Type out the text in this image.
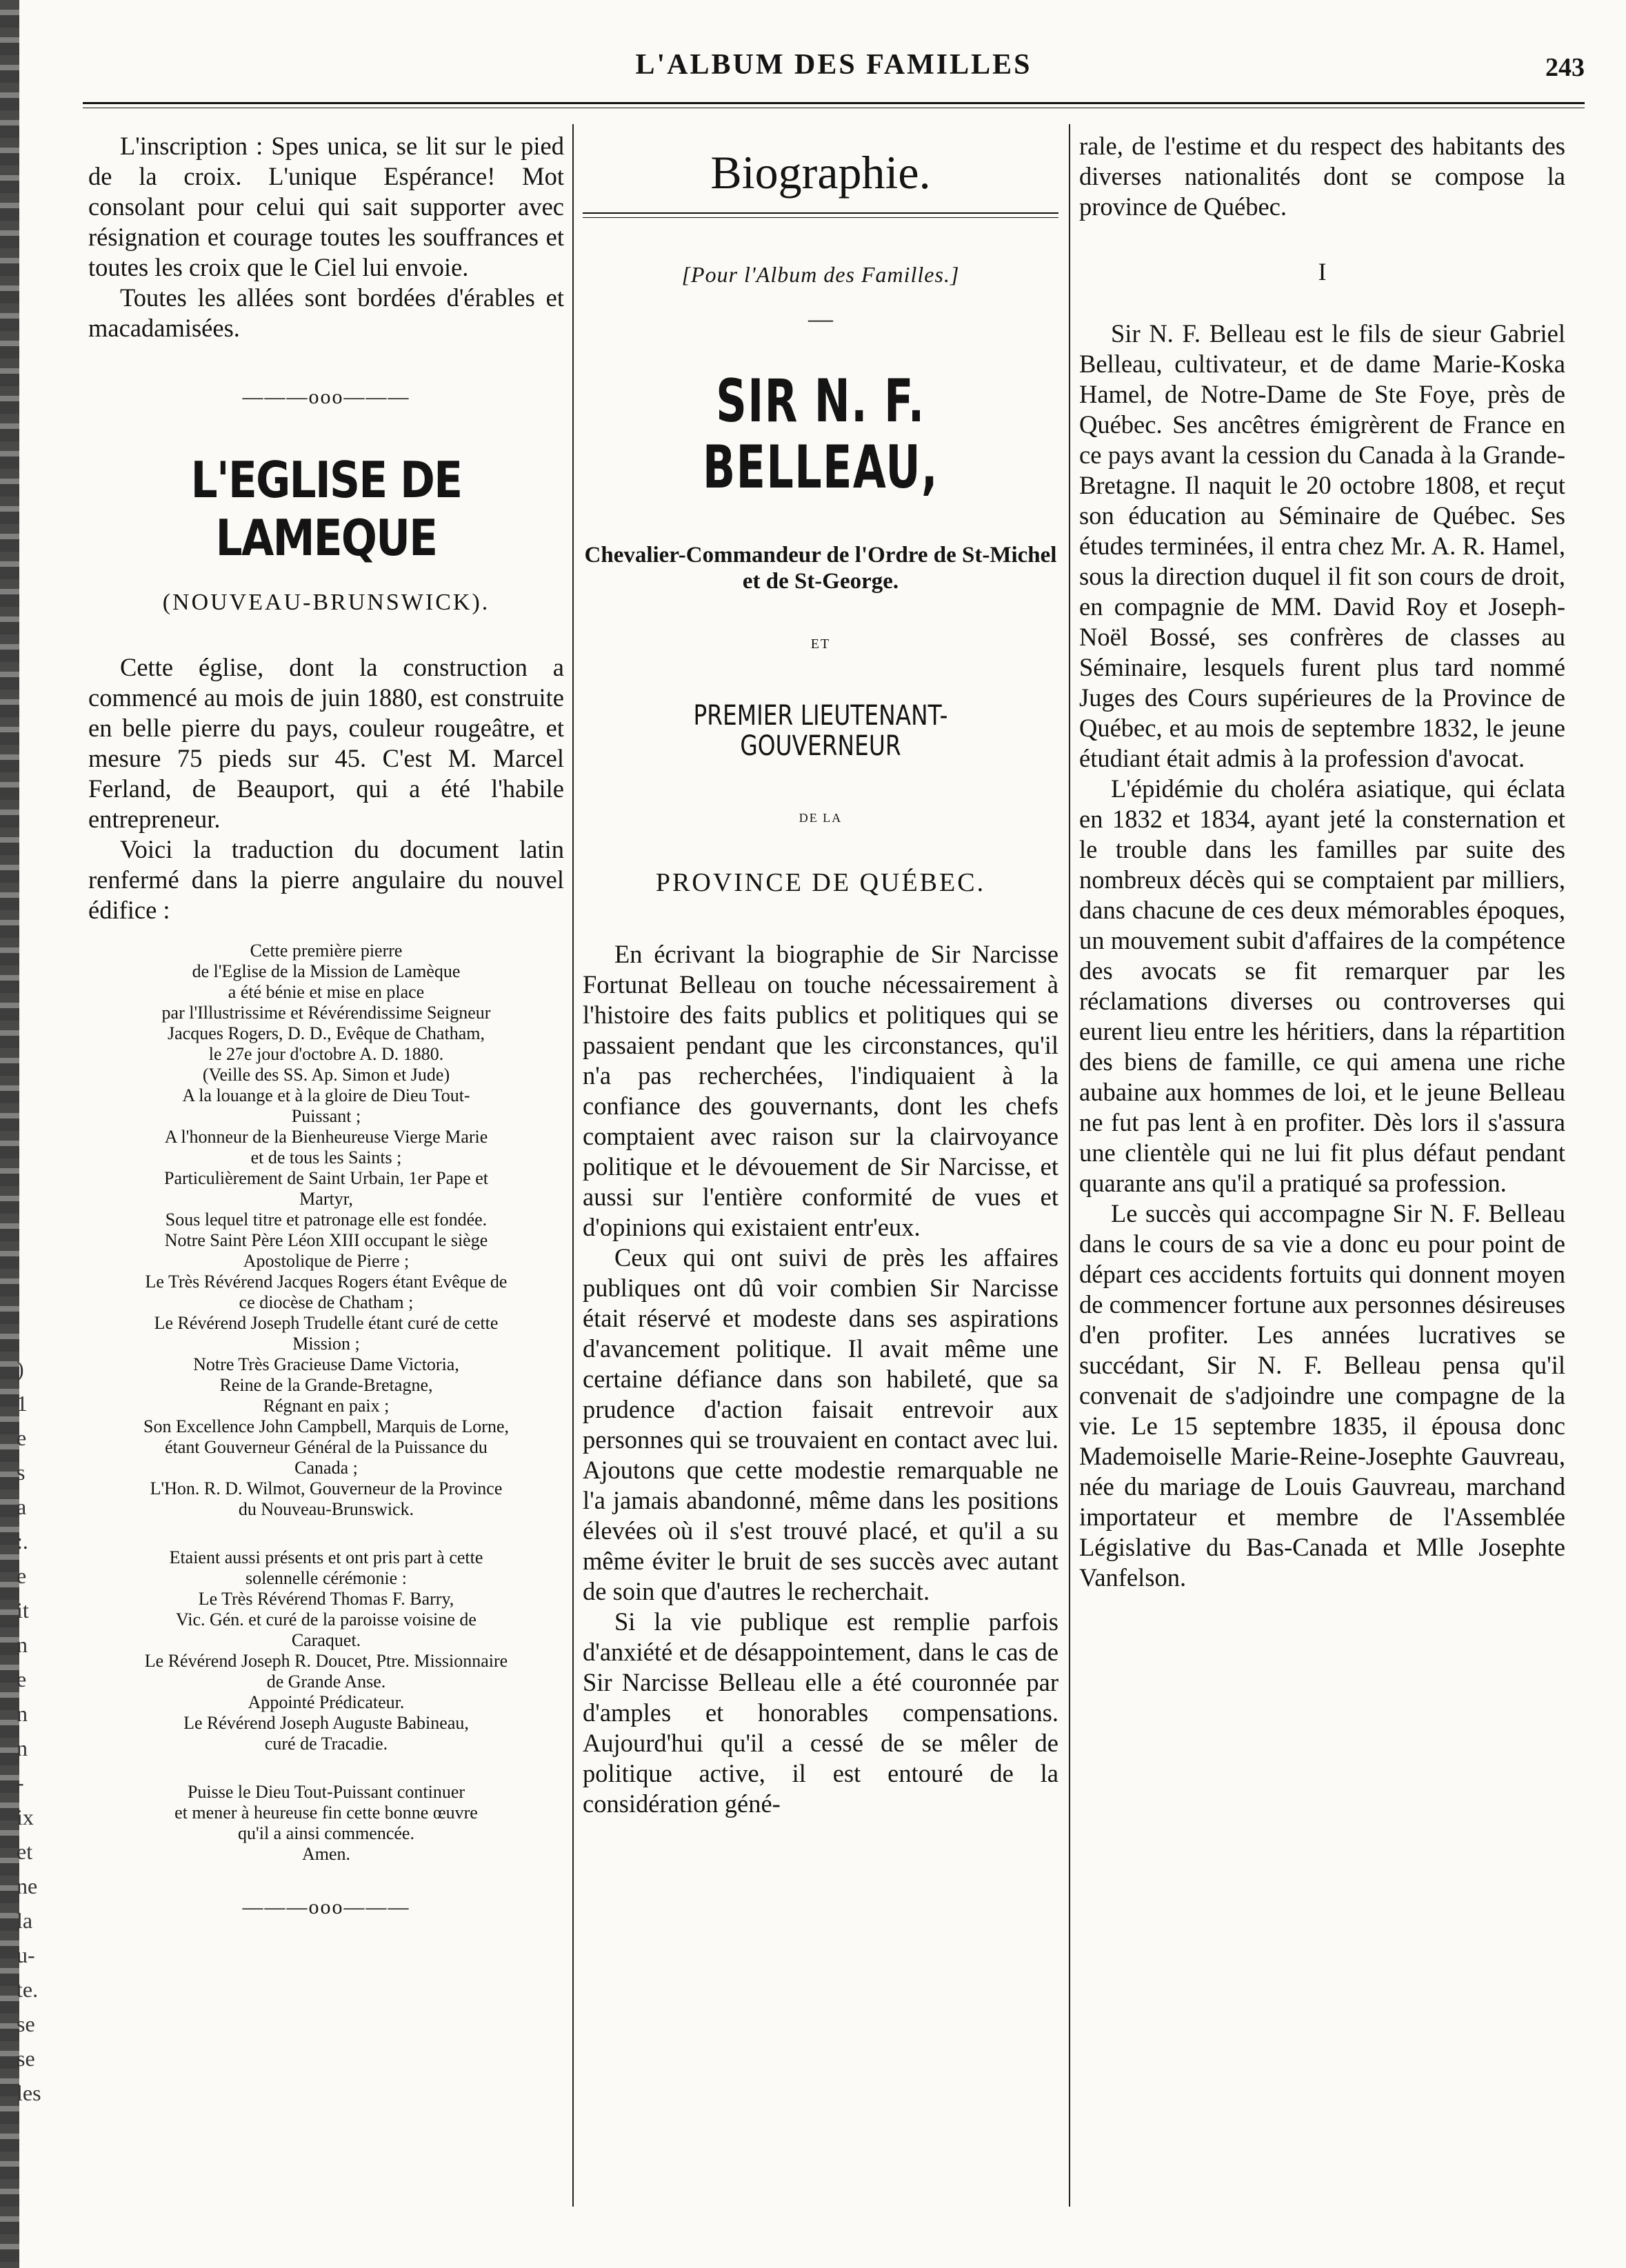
)
1
e
s
a
:.
e
it
n
e
n
n
-
ix
et
ne
la
u-
te.
se
se
les
L'ALBUM DES FAMILLES	243

L'inscription : Spes unica, se lit sur le pied de la croix. L'unique Espérance! Mot consolant pour celui qui sait supporter avec résignation et courage toutes les souffrances et toutes les croix que le Ciel lui envoie.

Toutes les allées sont bordées d'érables et macadamisées.

———ooo———
L'EGLISE DE LAMEQUE
(NOUVEAU-BRUNSWICK).

Cette église, dont la construction a commencé au mois de juin 1880, est construite en belle pierre du pays, couleur rougeâtre, et mesure 75 pieds sur 45. C'est M. Marcel Ferland, de Beauport, qui a été l'habile entrepreneur.

Voici la traduction du document latin renfermé dans la pierre angulaire du nouvel édifice :

Cette première pierre
de l'Eglise de la Mission de Lamèque
a été bénie et mise en place
par l'Illustrissime et Révérendissime Seigneur
Jacques Rogers, D. D., Evêque de Chatham,
le 27e jour d'octobre A. D. 1880.
(Veille des SS. Ap. Simon et Jude)
A la louange et à la gloire de Dieu Tout-
Puissant ;
A l'honneur de la Bienheureuse Vierge Marie
et de tous les Saints ;
Particulièrement de Saint Urbain, 1er Pape et
Martyr,
Sous lequel titre et patronage elle est fondée.
Notre Saint Père Léon XIII occupant le siège
Apostolique de Pierre ;
Le Très Révérend Jacques Rogers étant Evêque de
ce diocèse de Chatham ;
Le Révérend Joseph Trudelle étant curé de cette
Mission ;
Notre Très Gracieuse Dame Victoria,
Reine de la Grande-Bretagne,
Régnant en paix ;
Son Excellence John Campbell, Marquis de Lorne,
étant Gouverneur Général de la Puissance du
Canada ;
L'Hon. R. D. Wilmot, Gouverneur de la Province
du Nouveau-Brunswick.
Etaient aussi présents et ont pris part à cette
solennelle cérémonie :
Le Très Révérend Thomas F. Barry,
Vic. Gén. et curé de la paroisse voisine de
Caraquet.
Le Révérend Joseph R. Doucet, Ptre. Missionnaire
de Grande Anse.
Appointé Prédicateur.
Le Révérend Joseph Auguste Babineau,
curé de Tracadie.
Puisse le Dieu Tout-Puissant continuer
et mener à heureuse fin cette bonne œuvre
qu'il a ainsi commencée.
Amen.
———ooo———
Biographie.
[Pour l'Album des Familles.]
—
SIR N. F. BELLEAU,
Chevalier-Commandeur de l'Ordre de St-Michel et de St-George.
ET
PREMIER LIEUTENANT-GOUVERNEUR
DE LA
PROVINCE DE QUÉBEC.

En écrivant la biographie de Sir Narcisse Fortunat Belleau on touche nécessairement à l'histoire des faits publics et politiques qui se passaient pendant que les circonstances, qu'il n'a pas recherchées, l'indiquaient à la confiance des gouvernants, dont les chefs comptaient avec raison sur la clairvoyance politique et le dévouement de Sir Narcisse, et aussi sur l'entière conformité de vues et d'opinions qui existaient entr'eux.

Ceux qui ont suivi de près les affaires publiques ont dû voir combien Sir Narcisse était réservé et modeste dans ses aspirations d'avancement politique. Il avait même une certaine défiance dans son habileté, que sa prudence d'action faisait entrevoir aux personnes qui se trouvaient en contact avec lui. Ajoutons que cette modestie remarquable ne l'a jamais abandonné, même dans les positions élevées où il s'est trouvé placé, et qu'il a su même éviter le bruit de ses succès avec autant de soin que d'autres le recherchait.

Si la vie publique est remplie parfois d'anxiété et de désappointement, dans le cas de Sir Narcisse Belleau elle a été couronnée par d'amples et honorables compensations. Aujourd'hui qu'il a cessé de se mêler de politique active, il est entouré de la considération géné-

rale, de l'estime et du respect des habitants des diverses nationalités dont se compose la province de Québec.

I

Sir N. F. Belleau est le fils de sieur Gabriel Belleau, cultivateur, et de dame Marie-Koska Hamel, de Notre-Dame de Ste Foye, près de Québec. Ses ancêtres émigrèrent de France en ce pays avant la cession du Canada à la Grande-Bretagne. Il naquit le 20 octobre 1808, et reçut son éducation au Séminaire de Québec. Ses études terminées, il entra chez Mr. A. R. Hamel, sous la direction duquel il fit son cours de droit, en compagnie de MM. David Roy et Joseph-Noël Bossé, ses confrères de classes au Séminaire, lesquels furent plus tard nommé Juges des Cours supérieures de la Province de Québec, et au mois de septembre 1832, le jeune étudiant était admis à la profession d'avocat.

L'épidémie du choléra asiatique, qui éclata en 1832 et 1834, ayant jeté la consternation et le trouble dans les familles par suite des nombreux décès qui se comptaient par milliers, dans chacune de ces deux mémorables époques, un mouvement subit d'affaires de la compétence des avocats se fit remarquer par les réclamations diverses ou controverses qui eurent lieu entre les héritiers, dans la répartition des biens de famille, ce qui amena une riche aubaine aux hommes de loi, et le jeune Belleau ne fut pas lent à en profiter. Dès lors il s'assura une clientèle qui ne lui fit plus défaut pendant quarante ans qu'il a pratiqué sa profession.

Le succès qui accompagne Sir N. F. Belleau dans le cours de sa vie a donc eu pour point de départ ces accidents fortuits qui donnent moyen de commencer fortune aux personnes désireuses d'en profiter. Les années lucratives se succédant, Sir N. F. Belleau pensa qu'il convenait de s'adjoindre une compagne de la vie. Le 15 septembre 1835, il épousa donc Mademoiselle Marie-Reine-Josephte Gauvreau, née du mariage de Louis Gauvreau, marchand importateur et membre de l'Assemblée Législative du Bas-Canada et Mlle Josephte Vanfelson.
